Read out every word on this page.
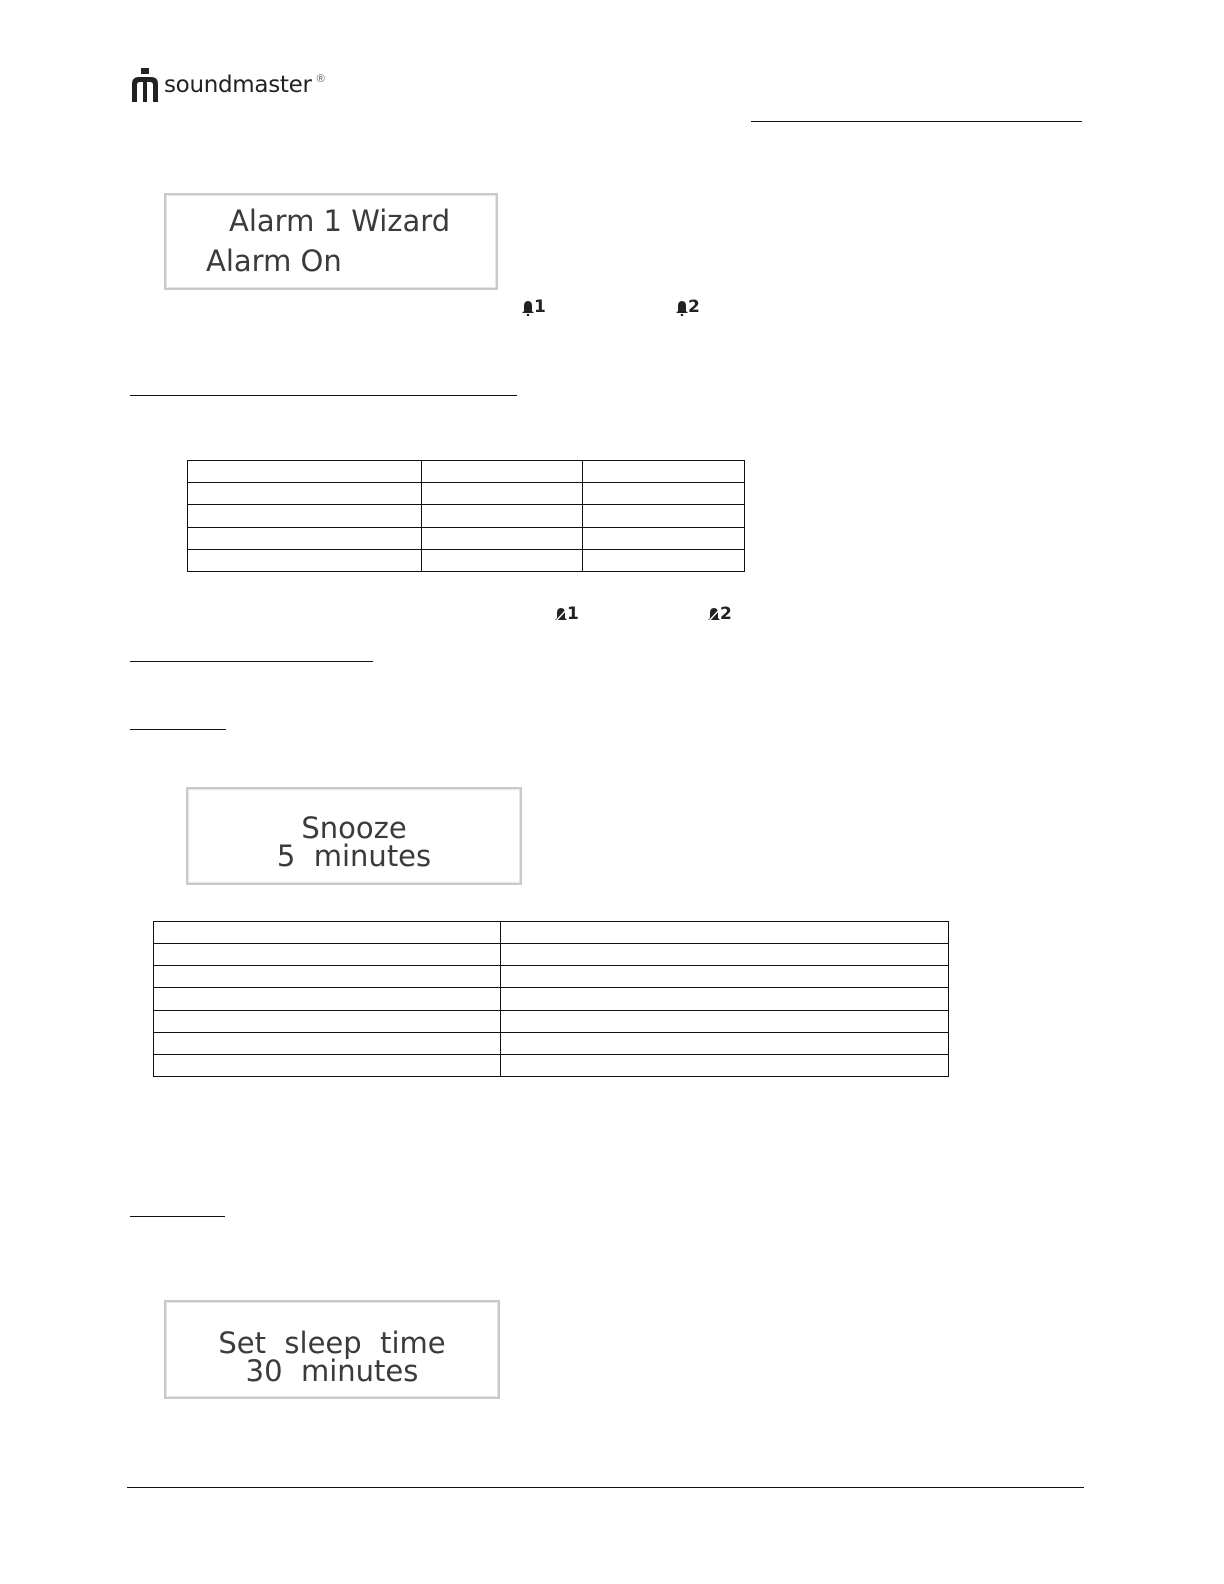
soundmaster ®
Alarm 1 Wizard
Alarm On
1	2

1	2
Snooze
5  minutes

Set  sleep  time
30  minutes
